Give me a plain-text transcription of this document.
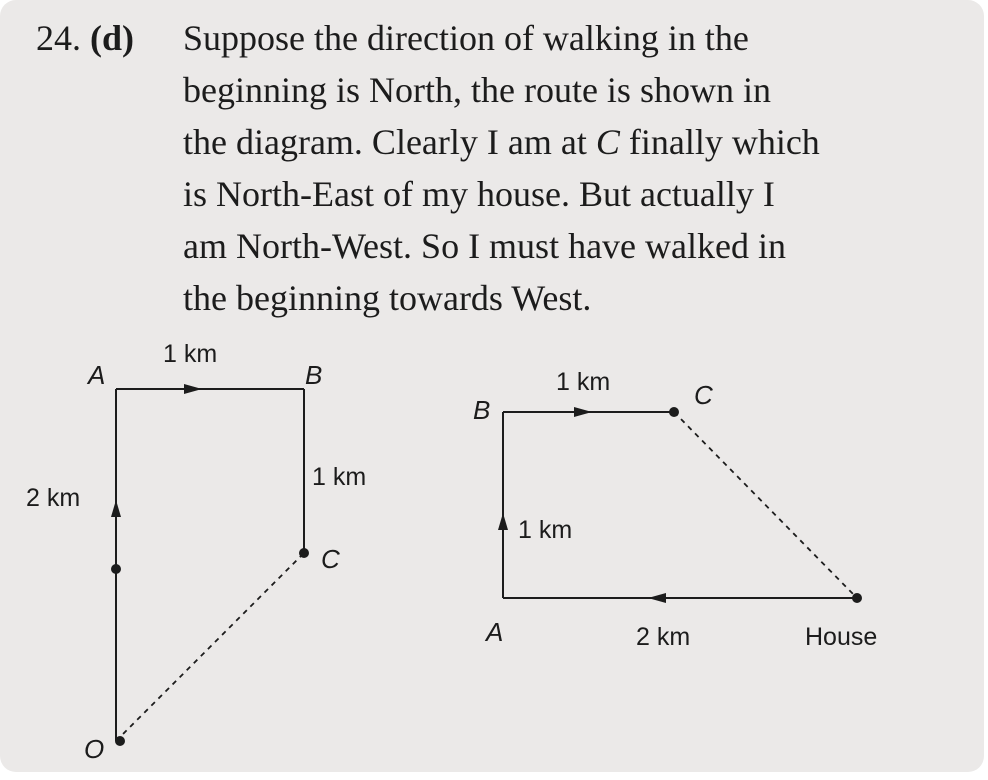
24. (d) Suppose the direction of walking in the
beginning is North, the route is shown in
the diagram. Clearly I am at C finally which
is North-East of my house. But actually I
am North-West. So I must have walked in
the beginning towards West.
A	B
C
O
1 km
1 km
2 km
B	C
A	House
1 km
1 km
2 km
